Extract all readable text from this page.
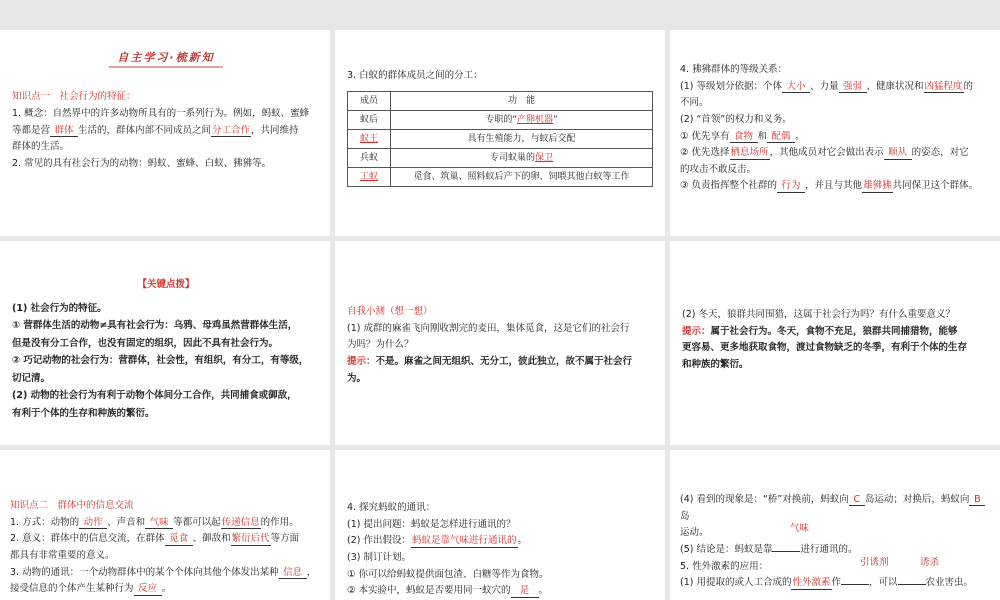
自主学习·梳新知
知识点一　社会行为的特征：
1. 概念：自然界中的许多动物所具有的一系列行为。例如，蚂蚁、蜜蜂
等都是营 群体 生活的，群体内部不同成员之间分工合作，共同维持
群体的生活。
2. 常见的具有社会行为的动物：蚂蚁、蜜蜂、白蚁、狒狒等。
3. 白蚁的群体成员之间的分工：
成员	功　能
蚁后	专职的“产卵机器”
蚁王	具有生殖能力，与蚁后交配
兵蚁	专司蚁巢的保卫
工蚁	觅食、筑巢、照料蚁后产下的卵、饲喂其他白蚁等工作
4. 狒狒群体的等级关系：
(1) 等级划分依据：个体 大小 、力量 强弱 、健康状况和凶猛程度的
不同。
(2) “首领”的权力和义务。
① 优先享有 食物 和 配偶 。
② 优先选择栖息场所，其他成员对它会做出表示 顺从 的姿态，对它
的攻击不敢反击。
③ 负责指挥整个社群的 行为 ，并且与其他雄狒狒共同保卫这个群体。
【关键点拨】
(1) 社会行为的特征。
① 营群体生活的动物≠具有社会行为：乌鸦、母鸡虽然营群体生活，
但是没有分工合作，也没有固定的组织，因此不具有社会行为。
② 巧记动物的社会行为：营群体，社会性，有组织，有分工，有等级，
切记清。
(2) 动物的社会行为有利于动物个体间分工合作，共同捕食或御敌，
有利于个体的生存和种族的繁衍。
自我小测（想一想）
(1) 成群的麻雀飞向刚收割完的麦田，集体觅食，这是它们的社会行
为吗？为什么？
提示：不是。麻雀之间无组织、无分工，彼此独立，故不属于社会行
为。
(2) 冬天，狼群共同围猎，这属于社会行为吗？有什么重要意义？
提示：属于社会行为。冬天，食物不充足，狼群共同捕猎物，能够
更容易、更多地获取食物，渡过食物缺乏的冬季，有利于个体的生存
和种族的繁衍。
知识点二　群体中的信息交流
1. 方式：动物的 动作 、声音和 气味 等都可以起传递信息的作用。
2. 意义：群体中的信息交流，在群体 觅食 、御敌和繁衍后代等方面
都具有非常重要的意义。
3. 动物的通讯：一个动物群体中的某个个体向其他个体发出某种 信息 ，
接受信息的个体产生某种行为 反应 。
4. 探究蚂蚁的通讯：
(1) 提出问题：蚂蚁是怎样进行通讯的？
(2) 作出假设：蚂蚁是靠气味进行通讯的。
(3) 制订计划。
① 你可以给蚂蚁提供面包渣、白糖等作为食物。
② 本实验中，蚂蚁是否要用同一蚁穴的 是 。
(4) 看到的现象是：“桥”对换前，蚂蚁向 C 岛运动；对换后，蚂蚁向 B
岛
运动。	气味
(5) 结论是：蚂蚁是靠	进行通讯的。
5. 性外激素的应用：	引诱剂	诱杀
(1) 用提取的或人工合成的性外激素作	，可以	农业害虫。
